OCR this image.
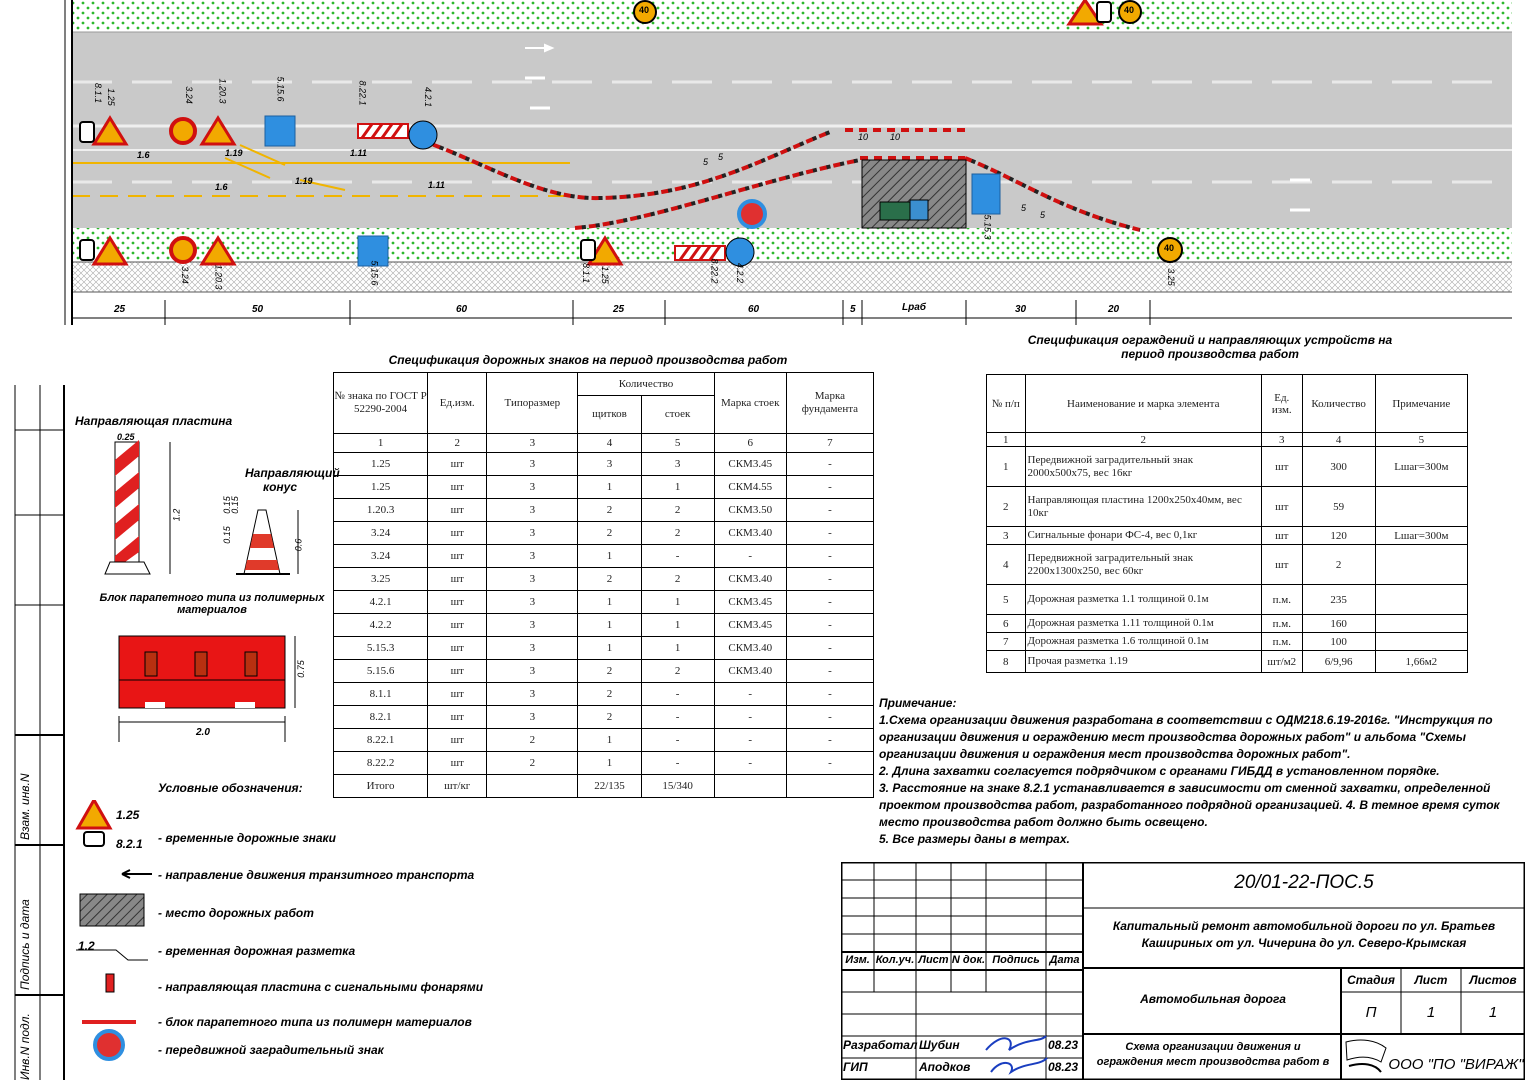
8.1.1 1.25	3.24	1.20.3	5.15.6	8.22.1	4.2.1
5.15.3
8.22.2 4.2.2	3.25
3.24	1.20.3	5.15.6	8.1.1 1.25
1.6	1.19	1.11
1.6
1.19	1.11
5 5
10 10
5
5
40	40
40
25	50	60	25	60	5	Lраб	30	20
Взам. инв.N
Подпись и дата
Инв.N подл.
Направляющая пластина
0.25
1.2
Направляющий конус
0.15
0.15
0.15
0.6
Блок парапетного типа из полимерных материалов
0.75
2.0
Условные обозначения:
1.25
8.2.1
1.2
- временные дорожные знаки
- направление движения транзитного транспорта
- место дорожных работ
- временная дорожная разметка
- направляющая пластина с сигнальными фонарями
- блок парапетного типа из полимерн материалов
- передвижной заградительный знак
Спецификация дорожных знаков на период производства работ
№ знака по ГОСТ Р 52290-2004	Ед.изм.	Типоразмер	Количество		Марка стоек	Марка фундамента
			щитков	стоек		
1	2	3	4	5	6	7
1.25	шт	3	3	3	СКМ3.45	-
1.25	шт	3	1	1	СКМ4.55	-
1.20.3	шт	3	2	2	СКМ3.50	-
3.24	шт	3	2	2	СКМ3.40	-
3.24	шт	3	1	-	-	-
3.25	шт	3	2	2	СКМ3.40	-
4.2.1	шт	3	1	1	СКМ3.45	-
4.2.2	шт	3	1	1	СКМ3.45	-
5.15.3	шт	3	1	1	СКМ3.40	-
5.15.6	шт	3	2	2	СКМ3.40	-
8.1.1	шт	3	2	-	-	-
8.2.1	шт	3	2	-	-	-
8.22.1	шт	2	1	-	-	-
8.22.2	шт	2	1	-	-	-
Итого	шт/кг		22/135	15/340		
Спецификация ограждений и направляющих устройств на период производства работ
№ п/п	Наименование и марка элемента	Ед. изм.	Количество	Примечание
1	2	3	4	5
1	Передвижной заградительный знак 2000х500х75, вес 16кг	шт	300	Lшаг=300м
2	Направляющая пластина 1200х250х40мм, вес 10кг	шт	59	
3	Сигнальные фонари ФС-4, вес 0,1кг	шт	120	Lшаг=300м
4	Передвижной заградительный знак 2200х1300х250, вес 60кг	шт	2	
5	Дорожная разметка 1.1 толщиной 0.1м	п.м.	235	
6	Дорожная разметка 1.11 толщиной 0.1м	п.м.	160	
7	Дорожная разметка 1.6 толщиной 0.1м	п.м.	100	
8	Прочая разметка 1.19	шт/м2	6/9,96	1,66м2

Примечание:

1.Схема организации движения разработана в соответствии с ОДМ218.6.19-2016г. "Инструкция по организации движения и ограждению мест производства дорожных работ" и альбома "Схемы организации движения и ограждения мест производства дорожных работ".

2. Длина захватки согласуется подрядчиком с органами ГИБДД в установленном порядке.

3. Расстояние на знаке 8.2.1 устанавливается в зависимости от сменной захватки, определенной проектом производства работ, разработанного подрядной организацией. 4. В темное время суток место производства работ должно быть освещено.

5. Все размеры даны в метрах.

20/01-22-ПОС.5
Капитальный ремонт автомобильной дороги по ул. Братьев Кашириных от ул. Чичерина до ул. Северо-Крымская
Автомобильная дорога
Изм. Кол.уч. Лист N док. Подпись Дата
Стадия	Лист	Листов
П	1	1
Разработал Шубин	08.23
ГИП	Аподков	08.23
Схема организации движения и ограждения мест производства работ в	ООО "ПО "ВИРАЖ"
